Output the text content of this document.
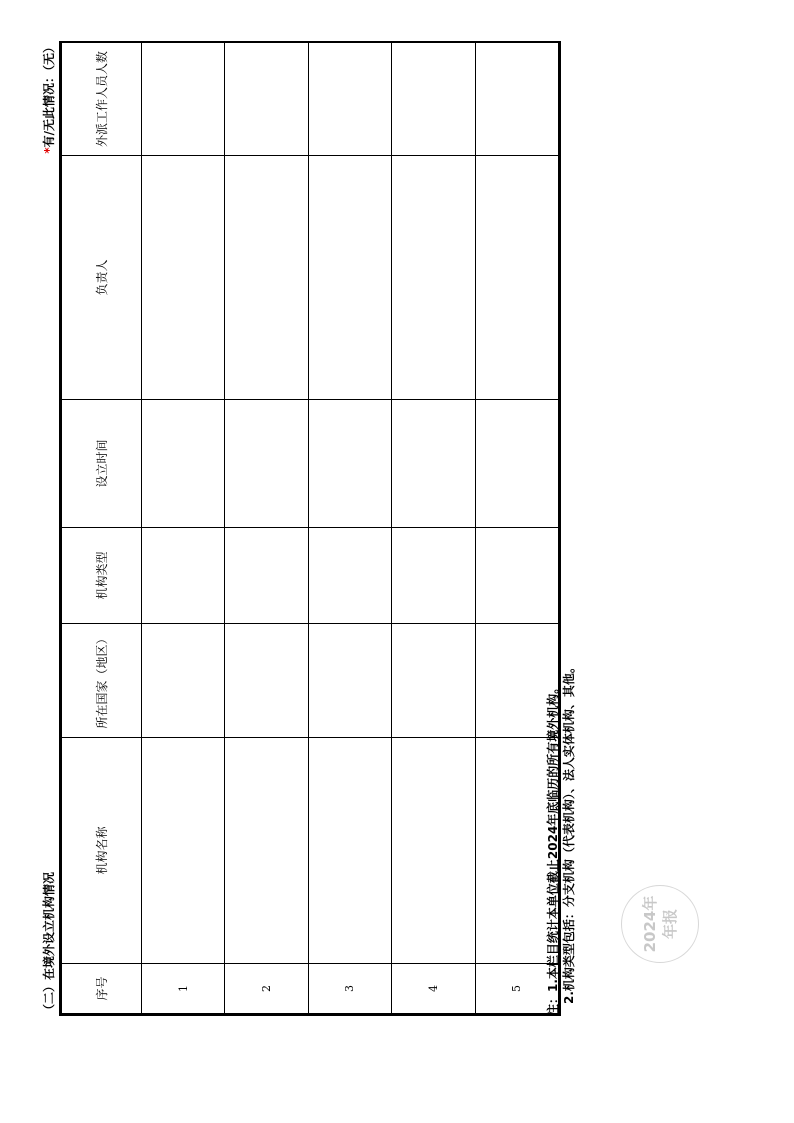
（二）在境外设立机构情况
*有/无此情况：（无）
序号	机构名称	所在国家（地区）	机构类型	设立时间	负责人	外派工作人员人数
1						
2						
3						
4						
5						注：1.本栏目统计本单位截止2024年底临历的所有境外机构。 2.机构类型包括：分支机构（代表机构）、法人实体机构、其他。	2024年 年报
